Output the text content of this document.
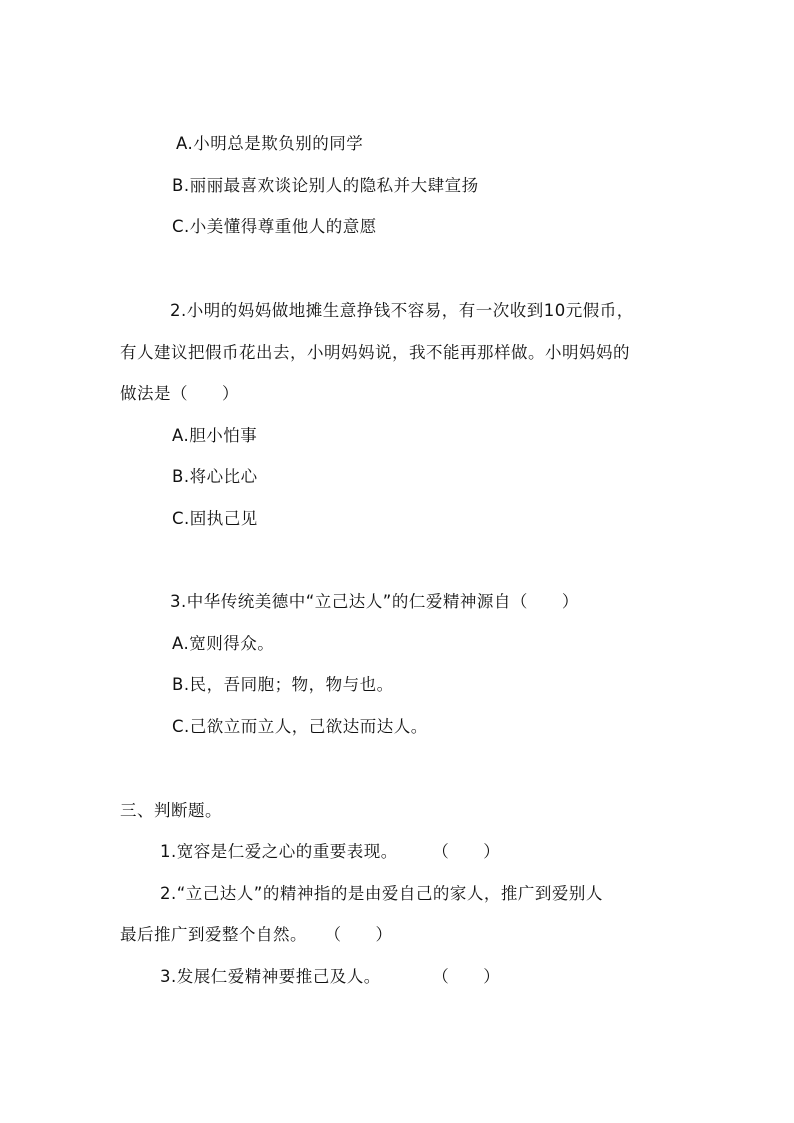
A.小明总是欺负别的同学
B.丽丽最喜欢谈论别人的隐私并大肆宣扬
C.小美懂得尊重他人的意愿
2.小明的妈妈做地摊生意挣钱不容易，有一次收到10元假币，
有人建议把假币花出去，小明妈妈说，我不能再那样做。小明妈妈的
做法是（　　）
A.胆小怕事
B.将心比心
C.固执己见
3.中华传统美德中“立己达人”的仁爱精神源自（　　）
A.宽则得众。
B.民，吾同胞；物，物与也。
C.己欲立而立人，己欲达而达人。
三、判断题。
1.宽容是仁爱之心的重要表现。　　　（　　）
2.“立己达人”的精神指的是由爱自己的家人，推广到爱别人
最后推广到爱整个自然。　　（　　）
3.发展仁爱精神要推己及人。　　　　（　　）
